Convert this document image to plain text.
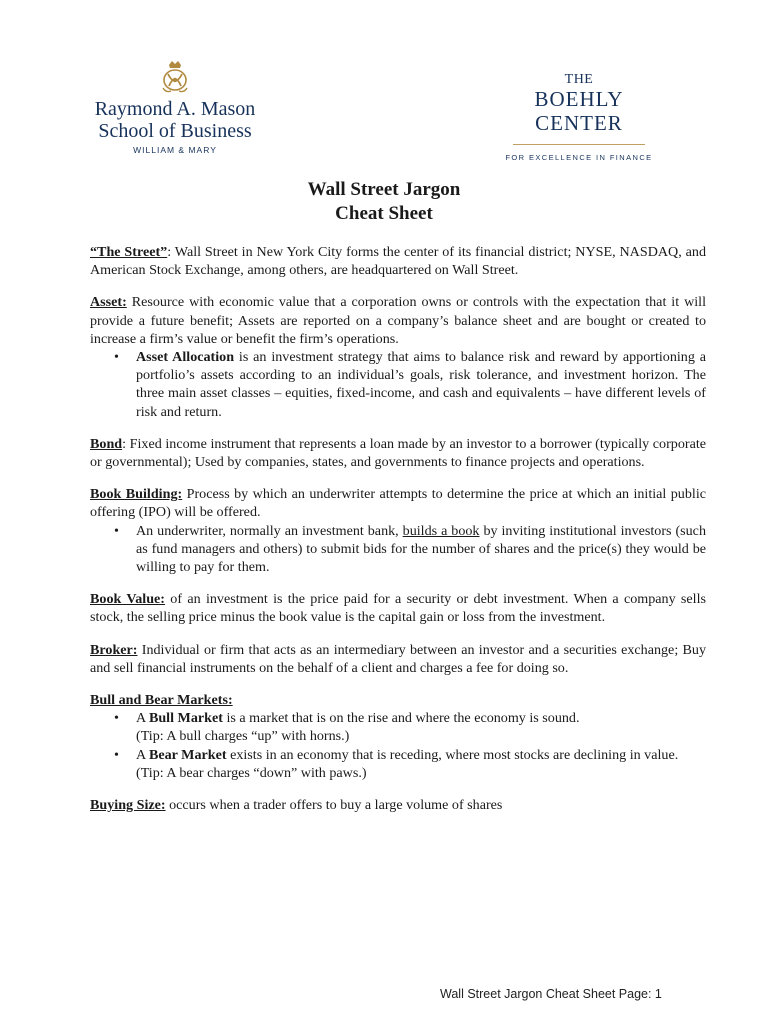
Raymond A. Mason
School of Business
WILLIAM & MARY
THE
BOEHLY CENTER
FOR EXCELLENCE IN FINANCE
Wall Street Jargon
Cheat Sheet

“The Street”: Wall Street in New York City forms the center of its financial district; NYSE, NASDAQ, and American Stock Exchange, among others, are headquartered on Wall Street.

Asset: Resource with economic value that a corporation owns or controls with the expectation that it will provide a future benefit; Assets are reported on a company’s balance sheet and are bought or created to increase a firm’s value or benefit the firm’s operations.

• Asset Allocation is an investment strategy that aims to balance risk and reward by apportioning a portfolio’s assets according to an individual’s goals, risk tolerance, and investment horizon. The three main asset classes – equities, fixed-income, and cash and equivalents – have different levels of risk and return.

Bond: Fixed income instrument that represents a loan made by an investor to a borrower (typically corporate or governmental); Used by companies, states, and governments to finance projects and operations.

Book Building: Process by which an underwriter attempts to determine the price at which an initial public offering (IPO) will be offered.

• An underwriter, normally an investment bank, builds a book by inviting institutional investors (such as fund managers and others) to submit bids for the number of shares and the price(s) they would be willing to pay for them.

Book Value: of an investment is the price paid for a security or debt investment. When a company sells stock, the selling price minus the book value is the capital gain or loss from the investment.

Broker: Individual or firm that acts as an intermediary between an investor and a securities exchange; Buy and sell financial instruments on the behalf of a client and charges a fee for doing so.

Bull and Bear Markets:

• A Bull Market is a market that is on the rise and where the economy is sound.
(Tip: A bull charges “up” with horns.)
• A Bear Market exists in an economy that is receding, where most stocks are declining in value.
(Tip: A bear charges “down” with paws.)

Buying Size: occurs when a trader offers to buy a large volume of shares

Wall Street Jargon Cheat Sheet Page: 1
